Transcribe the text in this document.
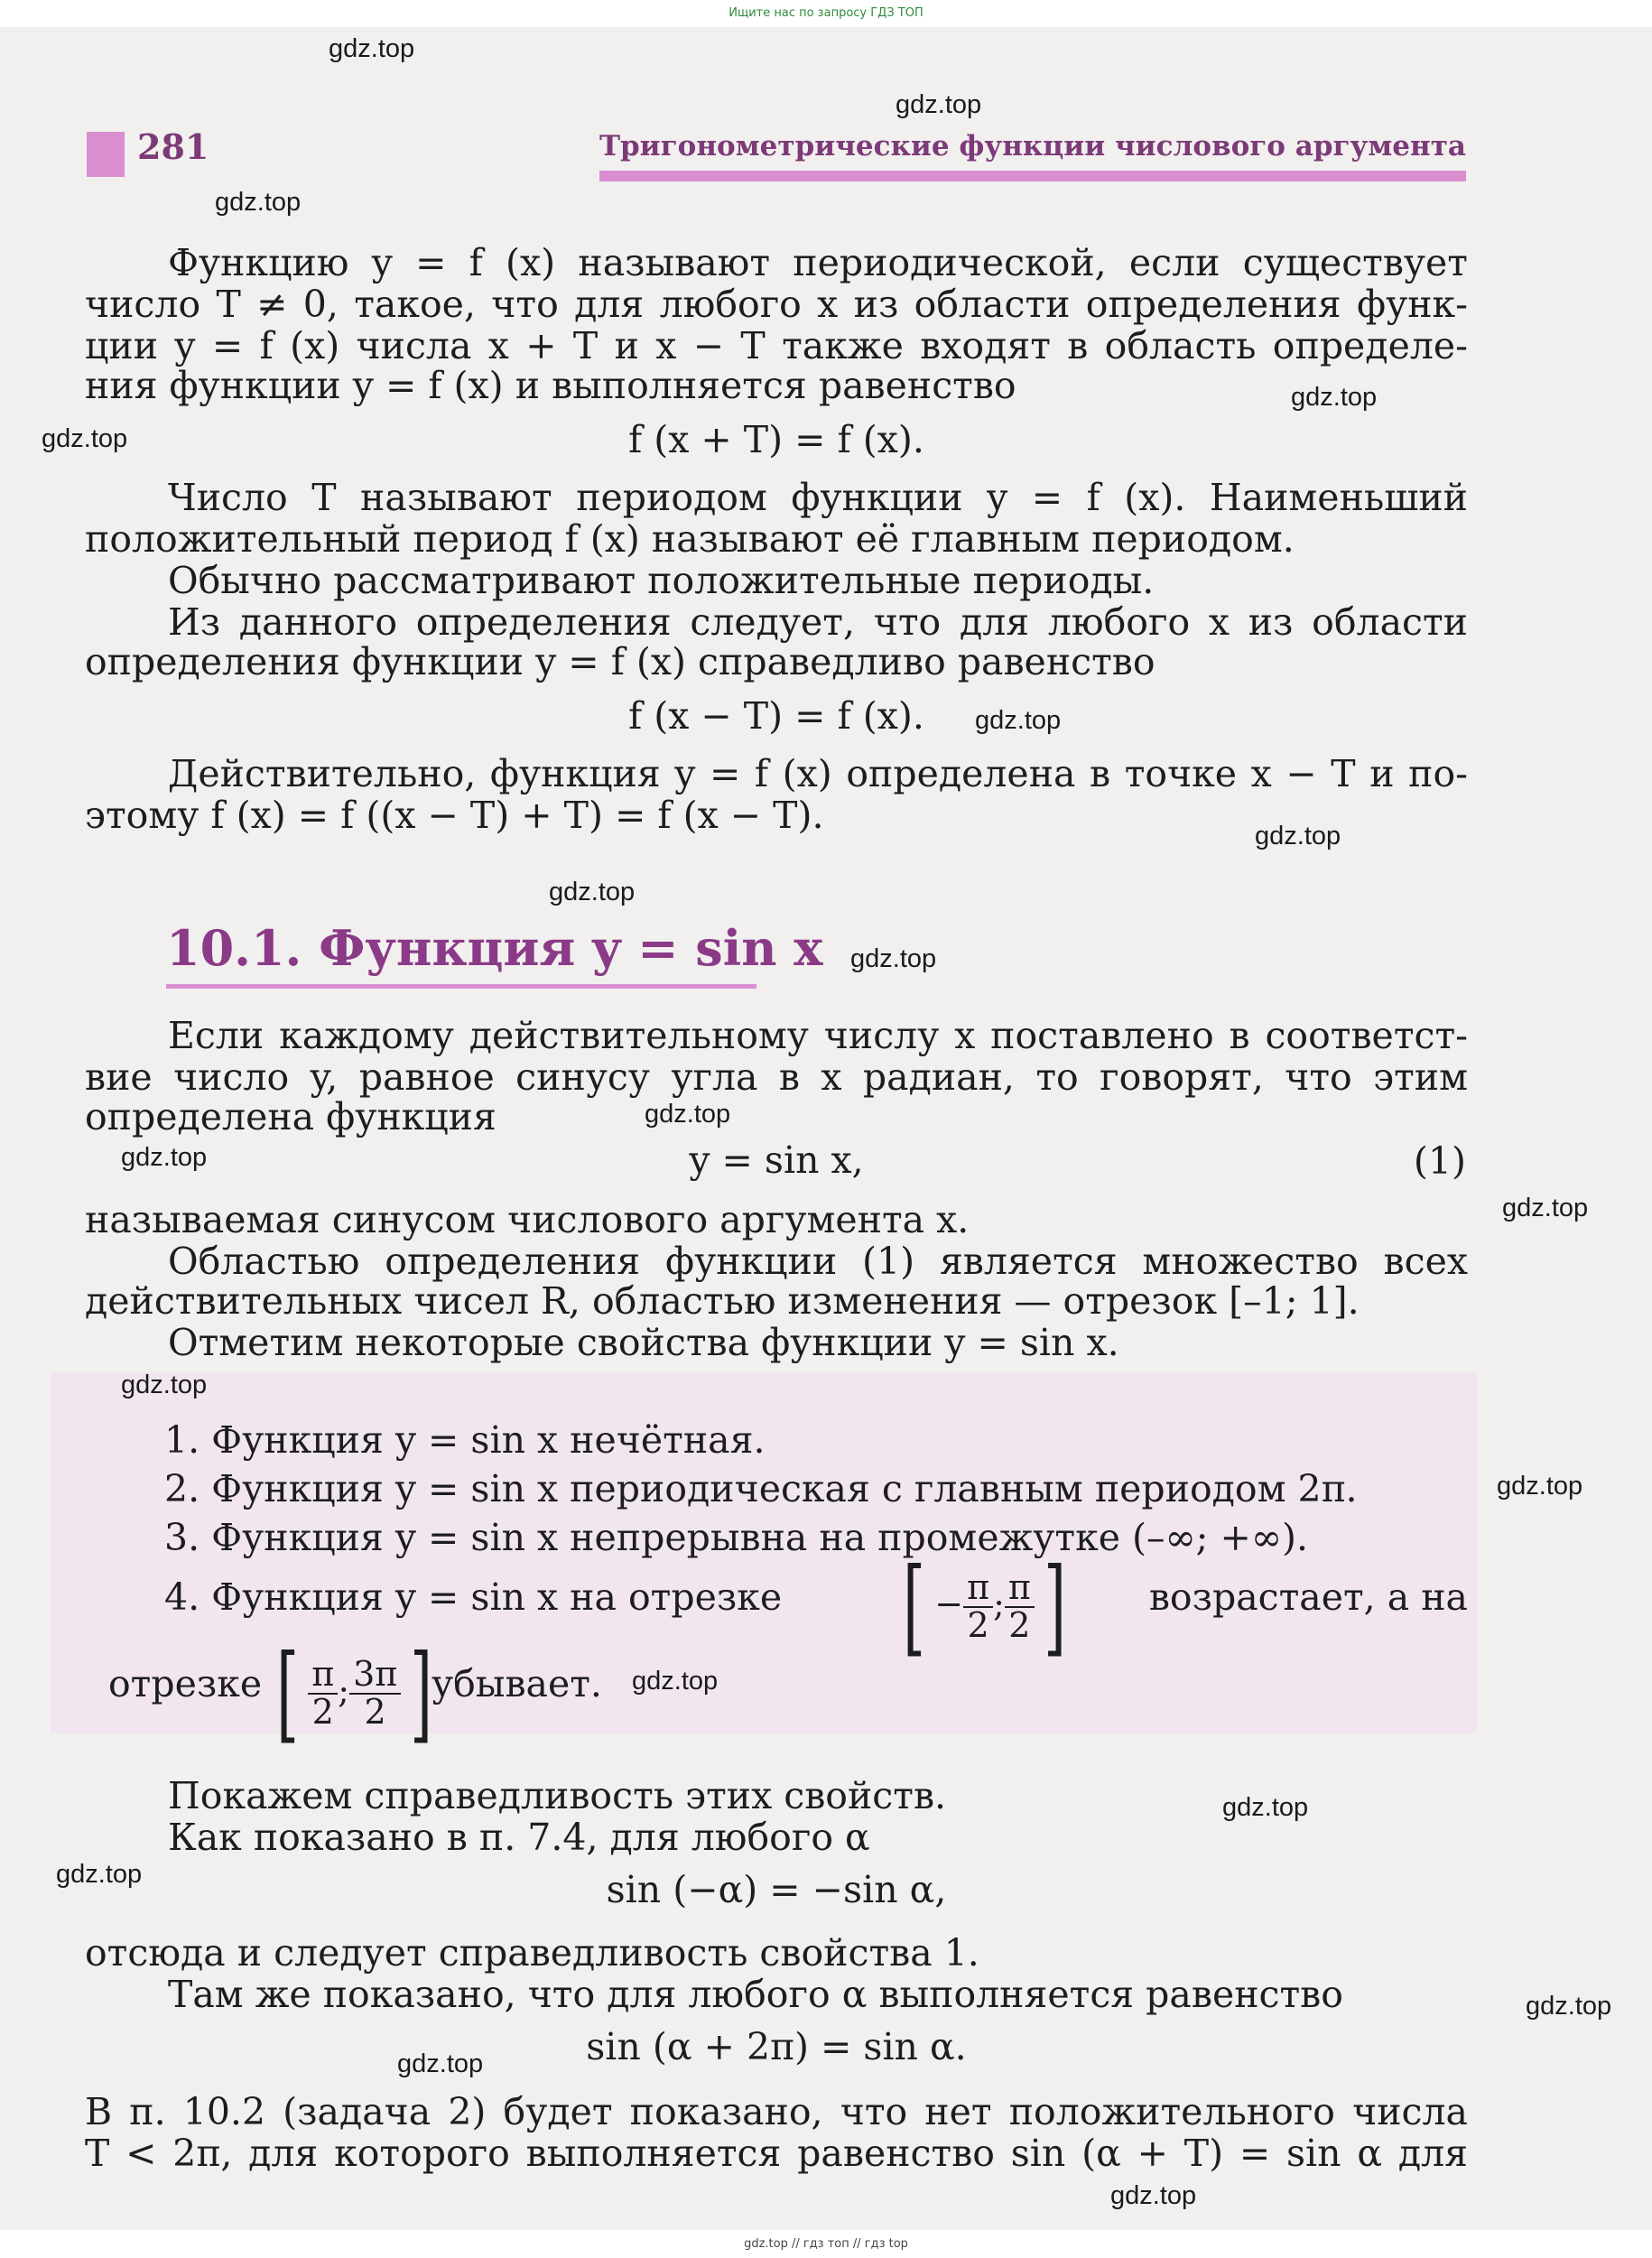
Ищите нас по запросу ГДЗ ТОП
281	Тригонометрические функции числового аргумента
Функцию y = f (x) называют периодической, если существует
число T ≠ 0, такое, что для любого x из области определения функ-
ции y = f (x) числа x + T и x − T также входят в область определе-
ния функции y = f (x) и выполняется равенство
f (x + T) = f (x).
Число T называют периодом функции y = f (x). Наименьший
положительный период f (x) называют её главным периодом.
Обычно рассматривают положительные периоды.
Из данного определения следует, что для любого x из области
определения функции y = f (x) справедливо равенство
f (x − T) = f (x).
Действительно, функция y = f (x) определена в точке x − T и по-
этому f (x) = f ((x − T) + T) = f (x − T).
10.1. Функция y = sin x
Если каждому действительному числу x поставлено в соответст-
вие число y, равное синусу угла в x радиан, то говорят, что этим
определена функция
y = sin x,	(1)
называемая синусом числового аргумента x.
Областью определения функции (1) является множество всех
действительных чисел R, областью изменения — отрезок [–1; 1].
Отметим некоторые свойства функции y = sin x.
1. Функция y = sin x нечётная.
2. Функция y = sin x периодическая с главным периодом 2π.
3. Функция y = sin x непрерывна на промежутке (–∞; +∞).
4. Функция y = sin x на отрезке	[ − $\frac{\pi}{2}$ ; $\frac{\pi}{2}$ ]	возрастает, а на
отрезке [ $\frac{\pi}{2}$ ; $\frac{3\pi}{2}$ ]
убывает.
Покажем справедливость этих свойств.
Как показано в п. 7.4, для любого α
sin (−α) = −sin α,
отсюда и следует справедливость свойства 1.
Там же показано, что для любого α выполняется равенство
sin (α + 2π) = sin α.
В п. 10.2 (задача 2) будет показано, что нет положительного числа
T < 2π, для которого выполняется равенство sin (α + T) = sin α для
gdz.top
gdz.top
gdz.top
gdz.top
gdz.top
gdz.top
gdz.top
gdz.top
gdz.top
gdz.top
gdz.top
gdz.top
gdz.top
gdz.top
gdz.top
gdz.top
gdz.top
gdz.top
gdz.top
gdz.top
gdz.top // гдз топ // гдз top
